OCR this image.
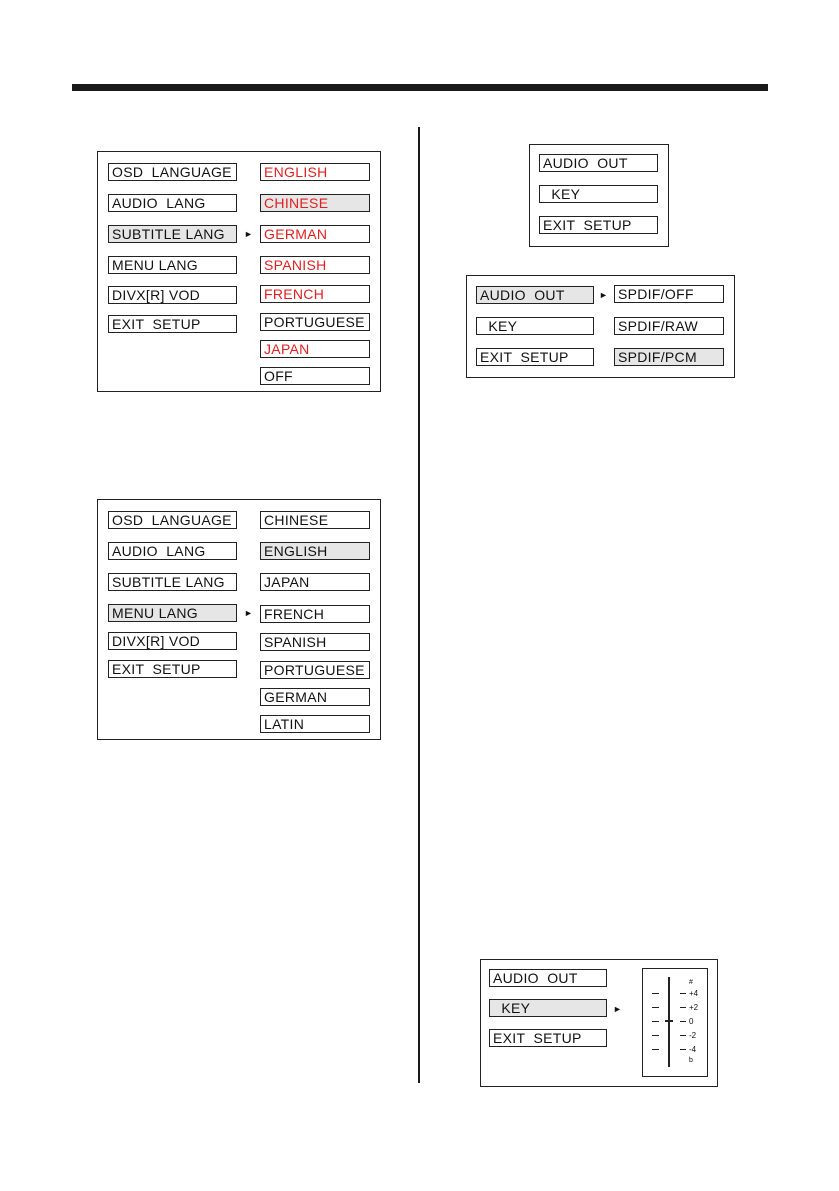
OSD  LANGUAGE
AUDIO  LANG
SUBTITLE LANG
MENU LANG
DIVX[R] VOD
EXIT  SETUP
►
ENGLISH
CHINESE
GERMAN
SPANISH
FRENCH
PORTUGUESE
JAPAN
OFF
OSD  LANGUAGE
AUDIO  LANG
SUBTITLE LANG
MENU LANG
DIVX[R] VOD
EXIT  SETUP
►
CHINESE
ENGLISH
JAPAN
FRENCH
SPANISH
PORTUGUESE
GERMAN
LATIN
AUDIO  OUT
KEY
EXIT  SETUP
AUDIO  OUT
KEY
EXIT  SETUP
► SPDIF/OFF
SPDIF/RAW
SPDIF/PCM
AUDIO  OUT
KEY
EXIT  SETUP
►
#
+4
+2
0
-2
-4
b
